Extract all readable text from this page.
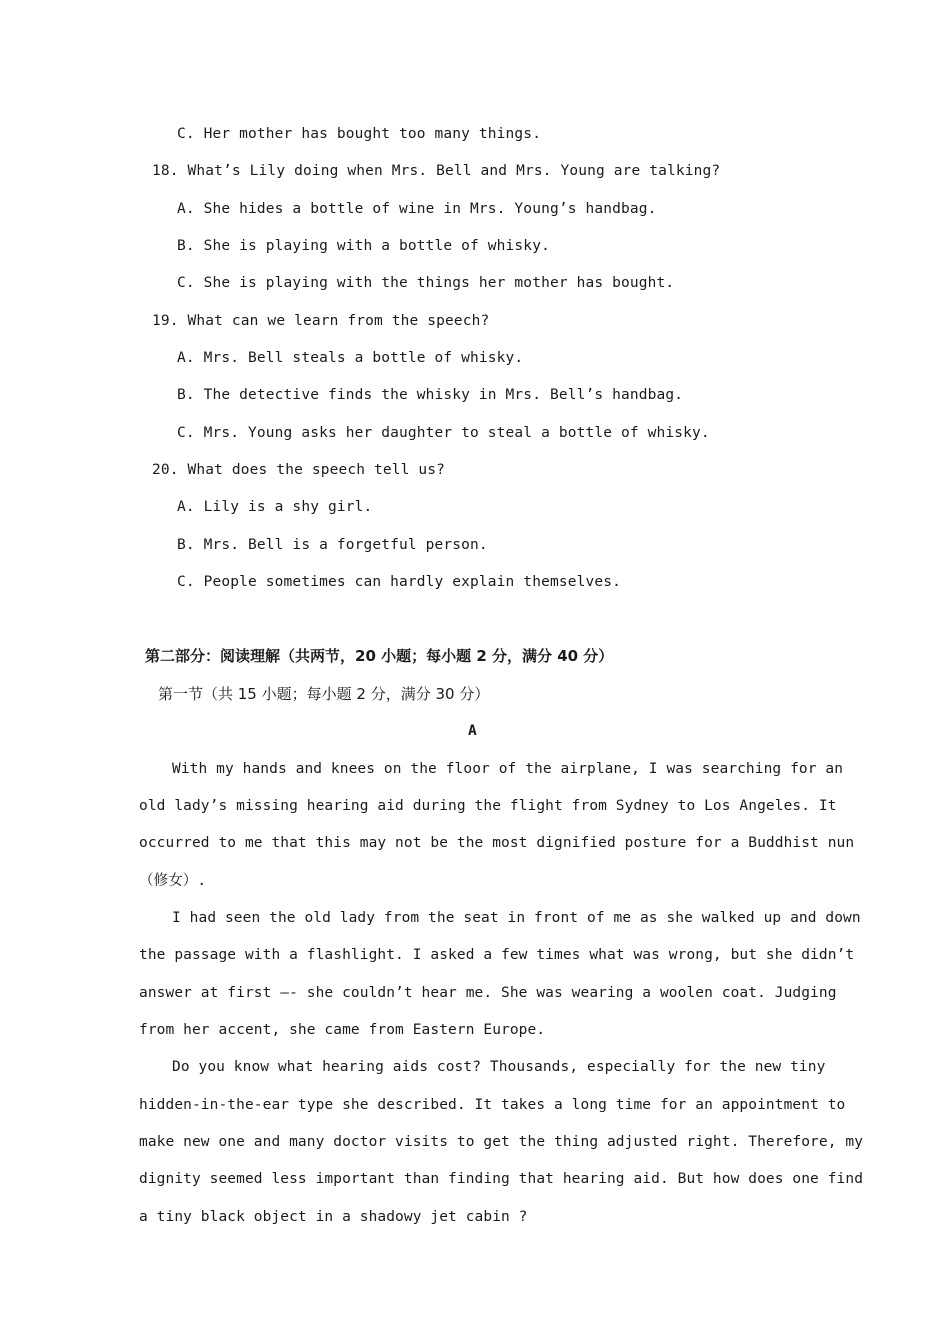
C. Her mother has bought too many things.
18. What’s Lily doing when Mrs. Bell and Mrs. Young are talking?
A. She hides a bottle of wine in Mrs. Young’s handbag.
B. She is playing with a bottle of whisky.
C. She is playing with the things her mother has bought.
19. What can we learn from the speech?
A. Mrs. Bell steals a bottle of whisky.
B. The detective finds the whisky in Mrs. Bell’s handbag.
C. Mrs. Young asks her daughter to steal a bottle of whisky.
20. What does the speech tell us?
A. Lily is a shy girl.
B. Mrs. Bell is a forgetful person.
C. People sometimes can hardly explain themselves.
第二部分：阅读理解（共两节，20 小题；每小题 2 分，满分 40 分）
第一节（共 15 小题；每小题 2 分，满分 30 分）
A
With my hands and knees on the floor of the airplane, I was searching for an
old lady’s missing hearing aid during the flight from Sydney to Los Angeles. It
occurred to me that this may not be the most dignified posture for a Buddhist nun
（修女）.
I had seen the old lady from the seat in front of me as she walked up and down
the passage with a flashlight. I asked a few times what was wrong, but she didn’t
answer at first —- she couldn’t hear me. She was wearing a woolen coat. Judging
from her accent, she came from Eastern Europe.
Do you know what hearing aids cost? Thousands, especially for the new tiny
hidden-in-the-ear type she described. It takes a long time for an appointment to
make new one and many doctor visits to get the thing adjusted right. Therefore, my
dignity seemed less important than finding that hearing aid. But how does one find
a tiny black object in a shadowy jet cabin ?
